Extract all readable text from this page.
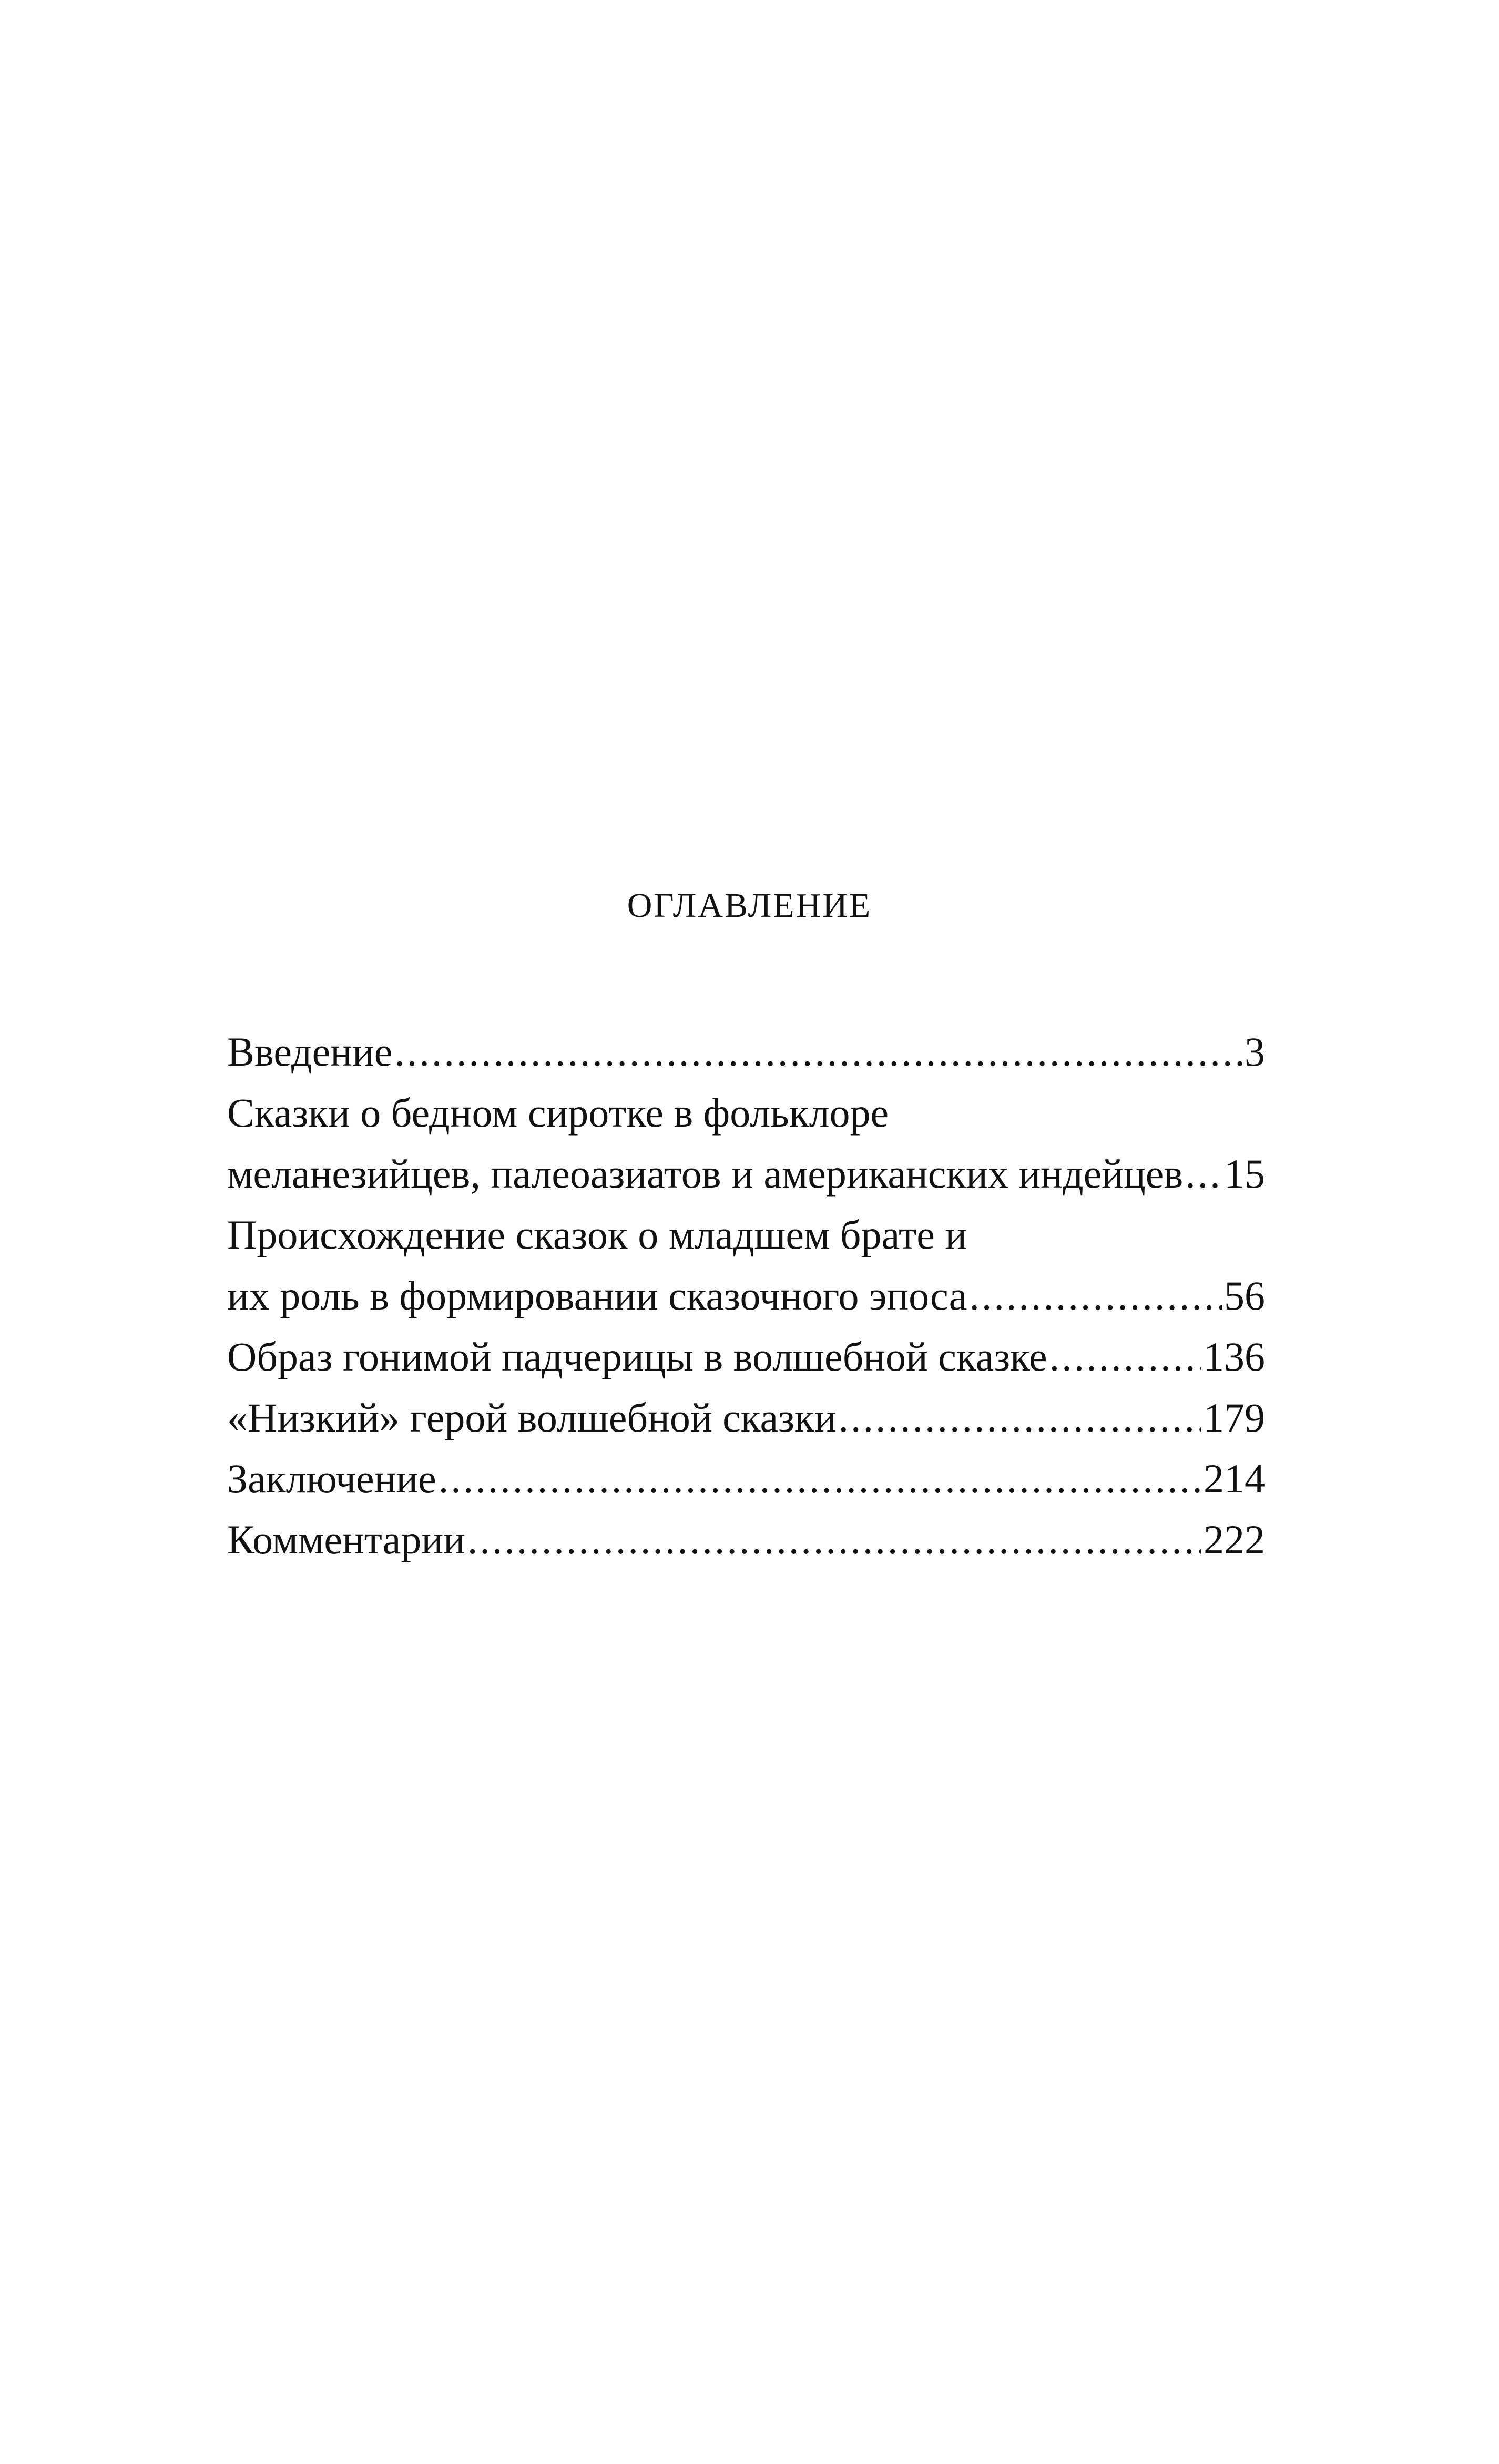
ОГЛАВЛЕНИЕ
Введение .....	3
Сказки о бедном сиротке в фольклоре
меланезийцев, палеоазиатов и американских индейцев ..... 15
Происхождение сказок о младшем брате и
их роль в формировании сказочного эпоса .....	56
Образ гонимой падчерицы в волшебной сказке .....	136
«Низкий» герой волшебной сказки .....	179
Заключение .....	214
Комментарии .....	222
